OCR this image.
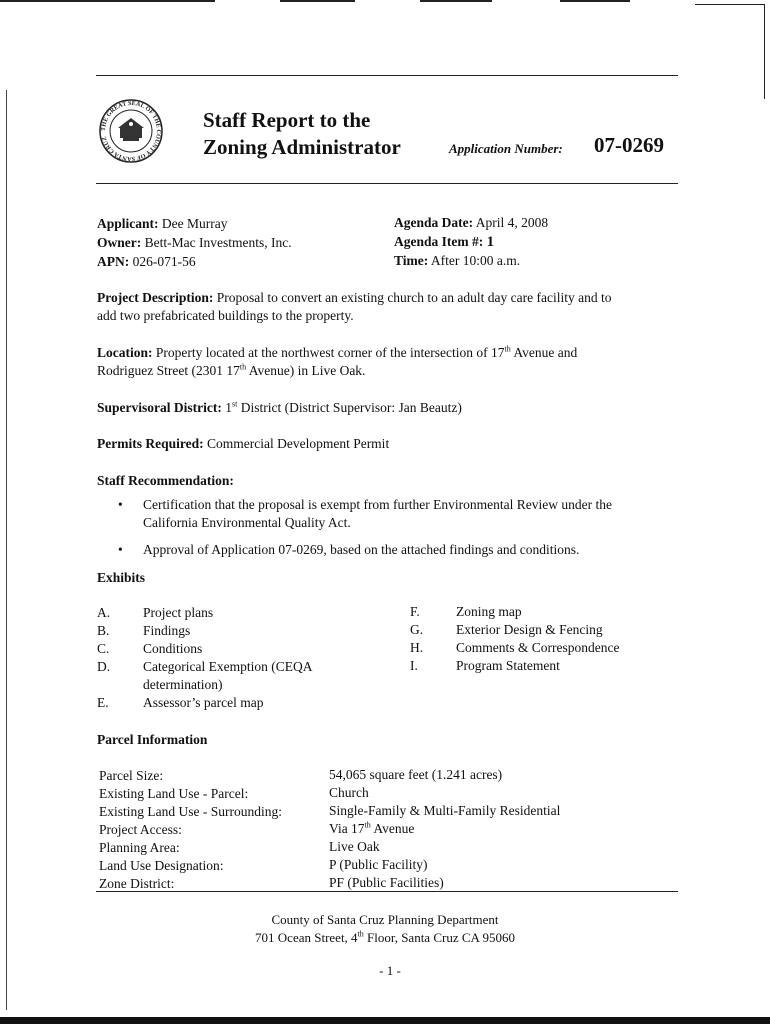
THE GREAT SEAL OF THE COUNTY OF SANTA CRUZ
Staff Report to the
Zoning Administrator	Application Number: 07-0269
Applicant: Dee Murray
Owner: Bett-Mac Investments, Inc.
APN: 026-071-56
Agenda Date: April 4, 2008
Agenda Item #: 1
Time: After 10:00 a.m.
Project Description: Proposal to convert an existing church to an adult day care facility and to
add two prefabricated buildings to the property.
Location: Property located at the northwest corner of the intersection of 17th Avenue and
Rodriguez Street (2301 17th Avenue) in Live Oak.
Supervisoral District: 1st District (District Supervisor: Jan Beautz)
Permits Required: Commercial Development Permit
Staff Recommendation:
• Certification that the proposal is exempt from further Environmental Review under the
California Environmental Quality Act.
• Approval of Application 07-0269, based on the attached findings and conditions.
Exhibits
A. Project plans
B. Findings
C. Conditions
D. Categorical Exemption (CEQA
determination)
E.	Assessor’s parcel map
F.	Zoning map
G. Exterior Design & Fencing
H. Comments & Correspondence
I.	Program Statement
Parcel Information
Parcel Size:	54,065 square feet (1.241 acres)
Existing Land Use - Parcel:	Church
Existing Land Use - Surrounding:	Single-Family & Multi-Family Residential
Project Access:	Via 17th Avenue
Planning Area:	Live Oak
Land Use Designation:	P (Public Facility)
Zone District:	PF (Public Facilities)
County of Santa Cruz Planning Department
701 Ocean Street, 4th Floor, Santa Cruz CA 95060
- 1 -
